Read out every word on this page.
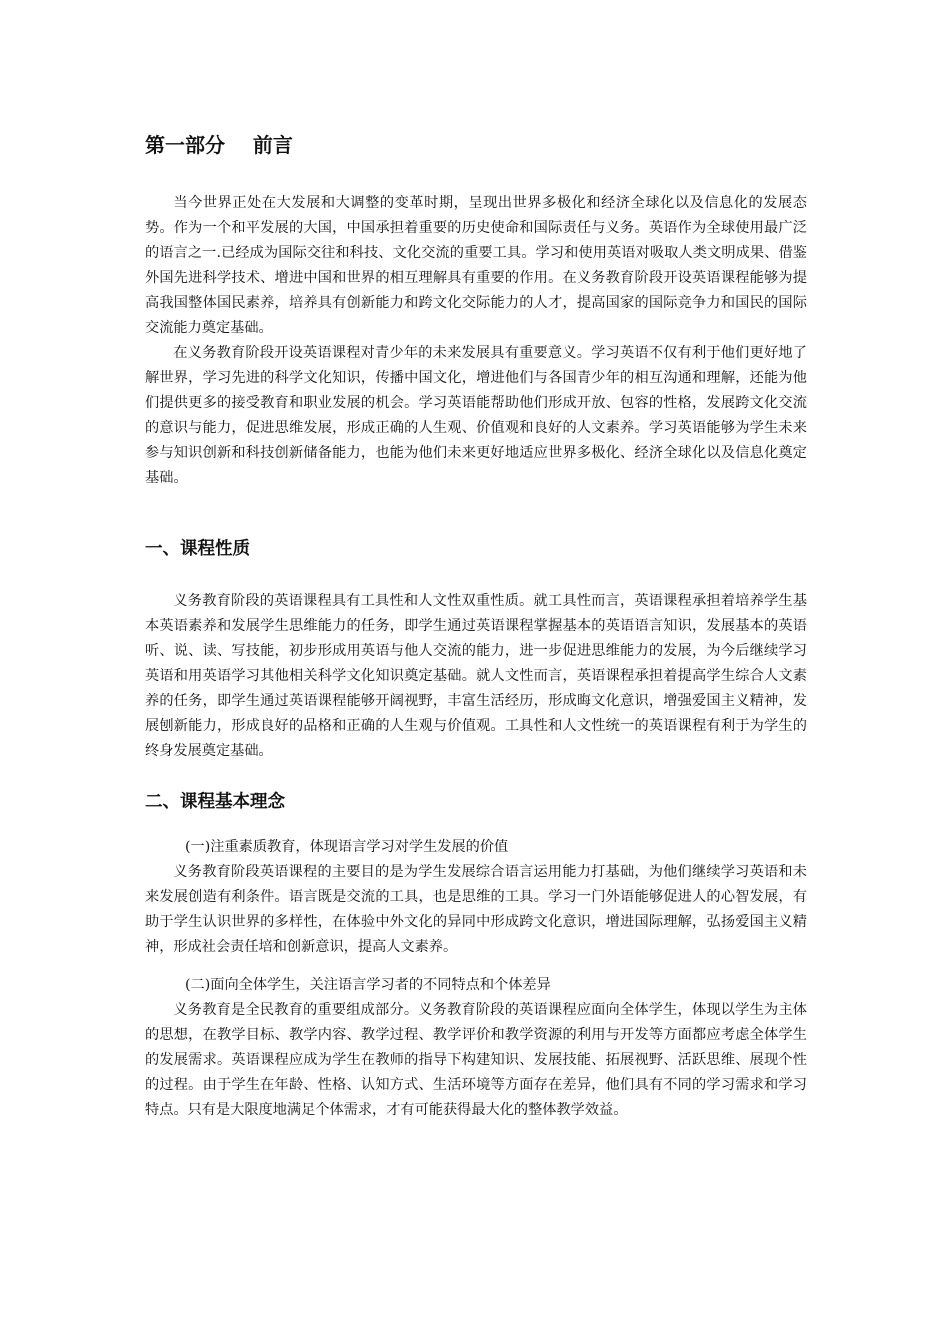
第一部分    前言

当今世界正处在大发展和大调整的变革时期，呈现出世界多极化和经济全球化以及信息化的发展态势。作为一个和平发展的大国，中国承担着重要的历史使命和国际责任与义务。英语作为全球使用最广泛的语言之一.已经成为国际交往和科技、文化交流的重要工具。学习和使用英语对吸取人类文明成果、借鉴外国先进科学技术、增进中国和世界的相互理解具有重要的作用。在义务教育阶段开设英语课程能够为提高我国整体国民素养，培养具有创新能力和跨文化交际能力的人才，提高国家的国际竞争力和国民的国际交流能力奠定基础。

在义务教育阶段开设英语课程对青少年的未来发展具有重要意义。学习英语不仅有利于他们更好地了解世界，学习先进的科学文化知识，传播中国文化，增进他们与各国青少年的相互沟通和理解，还能为他们提供更多的接受教育和职业发展的机会。学习英语能帮助他们形成开放、包容的性格，发展跨文化交流的意识与能力，促进思维发展，形成正确的人生观、价值观和良好的人文素养。学习英语能够为学生未来参与知识创新和科技创新储备能力，也能为他们未来更好地适应世界多极化、经济全球化以及信息化奠定基础。

一、课程性质

义务教育阶段的英语课程具有工具性和人文性双重性质。就工具性而言，英语课程承担着培养学生基本英语素养和发展学生思维能力的任务，即学生通过英语课程掌握基本的英语语言知识，发展基本的英语听、说、读、写技能，初步形成用英语与他人交流的能力，进一步促进思维能力的发展，为今后继续学习英语和用英语学习其他相关科学文化知识奠定基础。就人文性而言，英语课程承担着提高学生综合人文素养的任务，即学生通过英语课程能够开阔视野，丰富生活经历，形成晦文化意识，增强爱国主义精神，发展刨新能力，形成良好的品格和正确的人生观与价值观。工具性和人文性统一的英语课程有利于为学生的终身发展奠定基础。

二、课程基本理念
(一)注重素质教育，体现语言学习对学生发展的价值

义务教育阶段英语课程的主要目的是为学生发展综合语言运用能力打基础，为他们继续学习英语和未来发展创造有利条件。语言既是交流的工具，也是思维的工具。学习一门外语能够促进人的心智发展，有助于学生认识世界的多样性，在体验中外文化的异同中形成跨文化意识，增进国际理解，弘扬爱国主义精神，形成社会责任培和创新意识，提高人文素养。

(二)面向全体学生，关注语言学习者的不同特点和个体差异

义务教育是全民教育的重要组成部分。义务教育阶段的英语课程应面向全体学生，体现以学生为主体的思想，在教学目标、教学内容、教学过程、教学评价和教学资源的利用与开发等方面都应考虑全体学生的发展需求。英语课程应成为学生在教师的指导下构建知识、发展技能、拓展视野、活跃思维、展现个性的过程。由于学生在年龄、性格、认知方式、生活环境等方面存在差异，他们具有不同的学习需求和学习特点。只有是大限度地满足个体需求，才有可能获得最大化的整体教学效益。
